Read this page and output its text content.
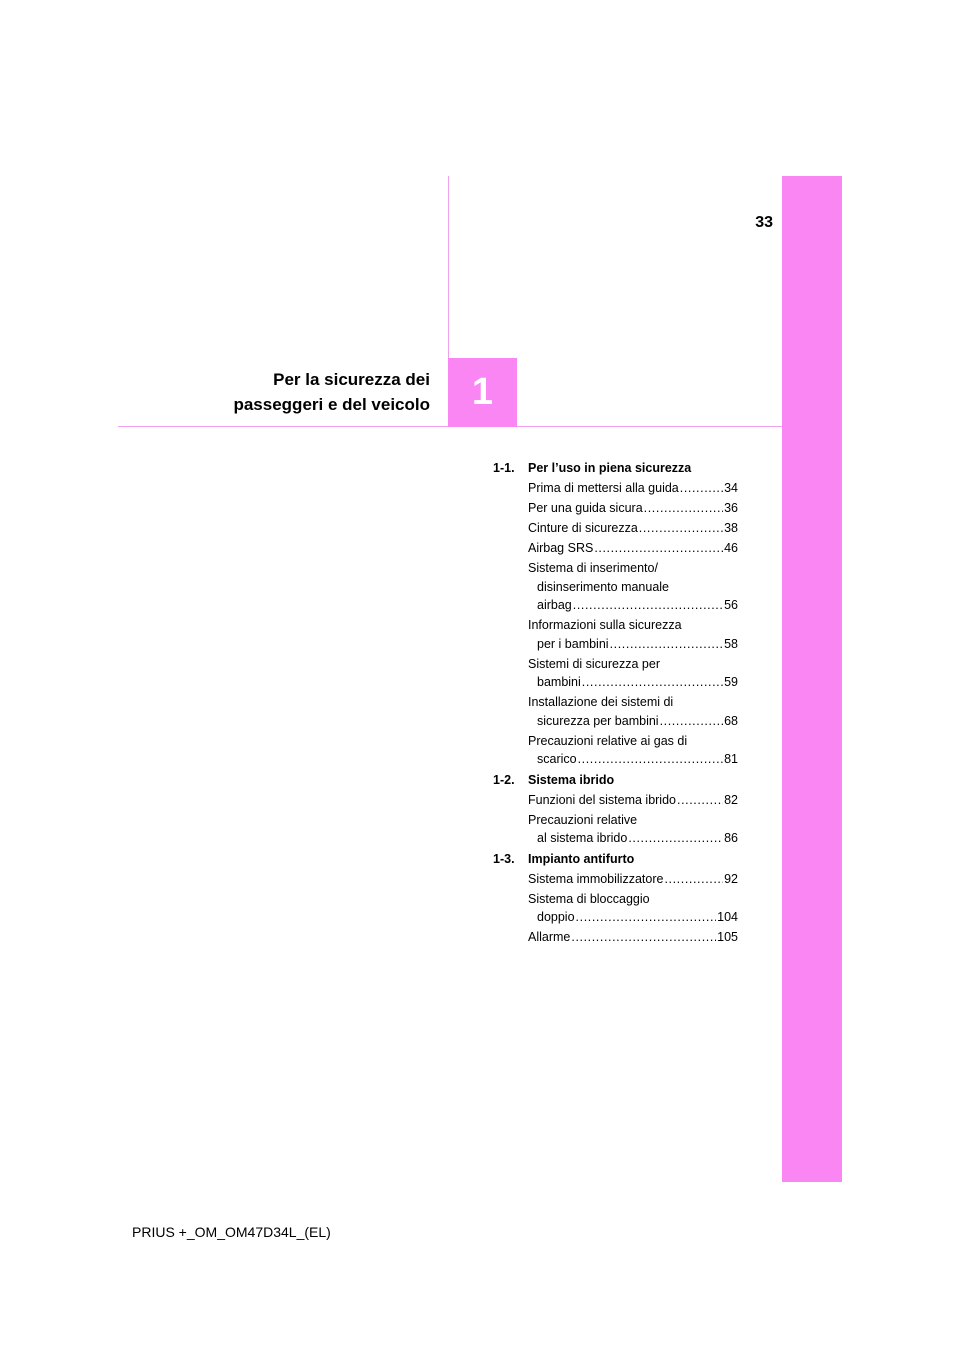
33
Per la sicurezza dei
passeggeri e del veicolo	1
1-1.	Per l’uso in piena sicurezza
Prima di mettersi alla guida .....	34
Per una guida sicura .....	36
Cinture di sicurezza .....	38
Airbag SRS .....	46
Sistema di inserimento/
disinserimento manuale
airbag .....	56
Informazioni sulla sicurezza
per i bambini .....	58
Sistemi di sicurezza per
bambini .....	59
Installazione dei sistemi di
sicurezza per bambini .....	68
Precauzioni relative ai gas di
scarico .....	81
1-2.	Sistema ibrido
Funzioni del sistema ibrido .....	82
Precauzioni relative
al sistema ibrido .....	86
1-3.	Impianto antifurto
Sistema immobilizzatore .....	92
Sistema di bloccaggio
doppio .....	104
Allarme .....	105
PRIUS +_OM_OM47D34L_(EL)
